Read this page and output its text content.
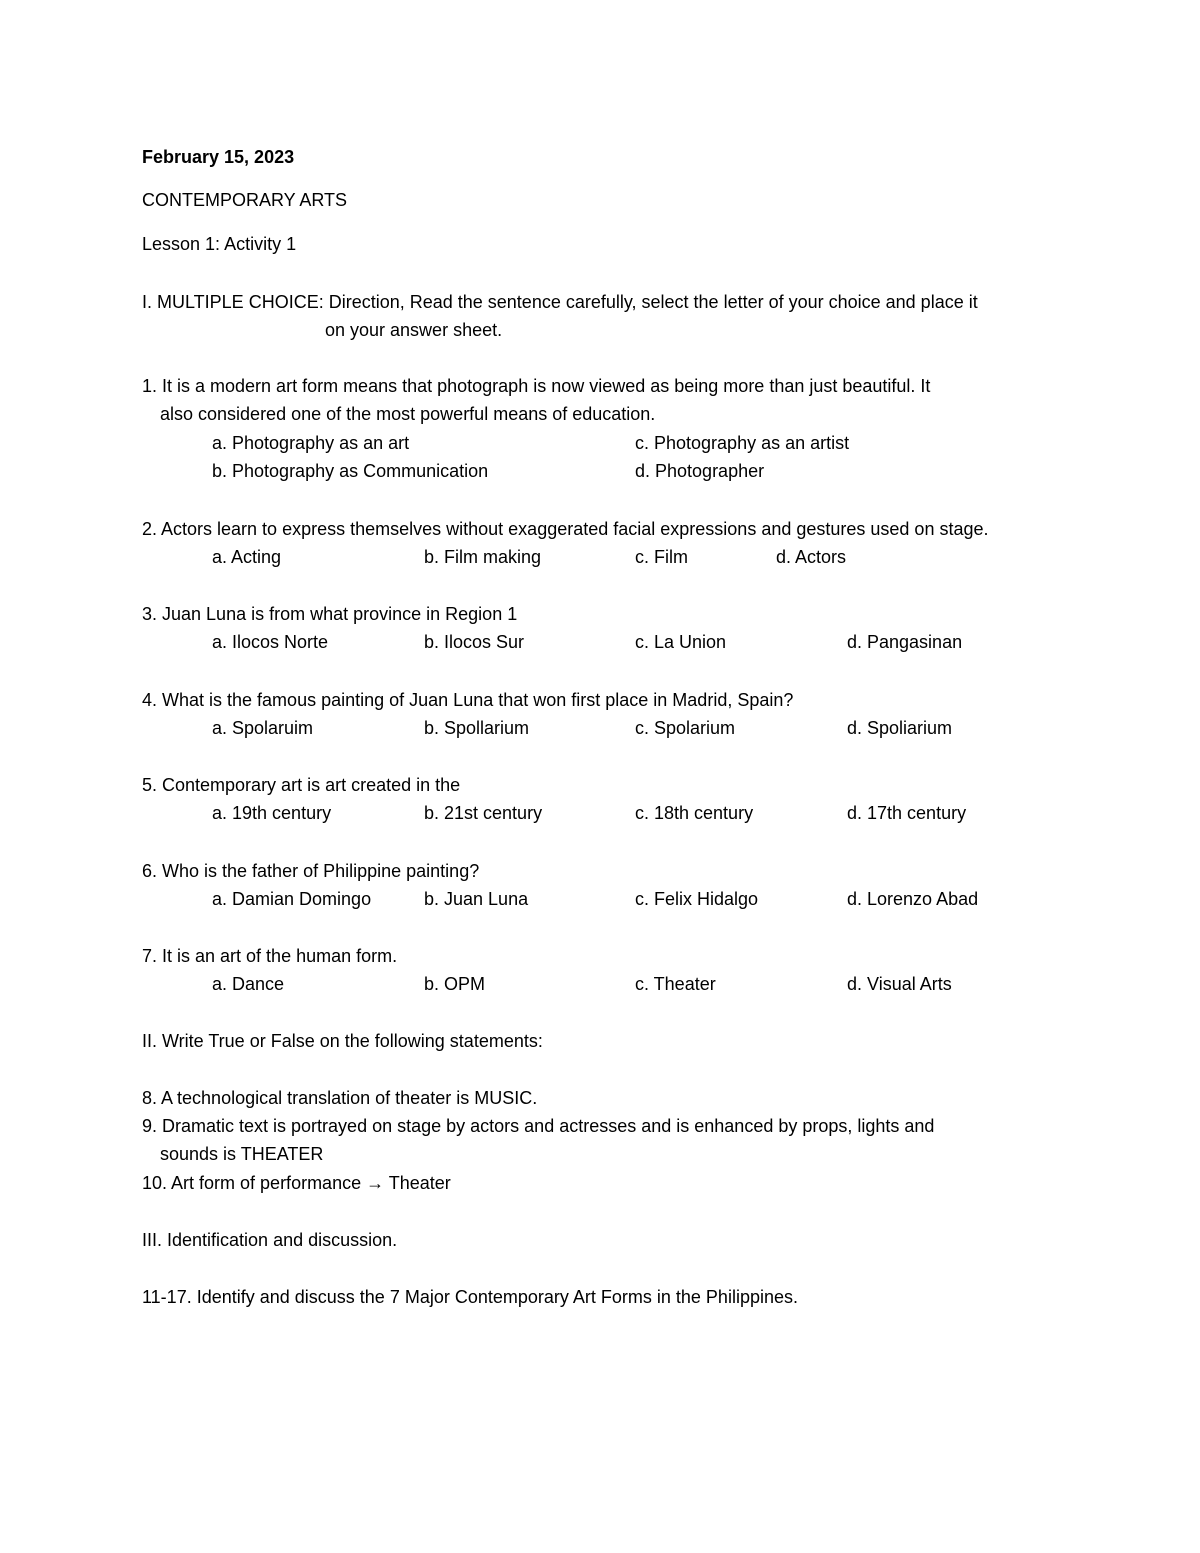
February 15, 2023
CONTEMPORARY ARTS
Lesson 1: Activity 1
I. MULTIPLE CHOICE: Direction, Read the sentence carefully, select the letter of your choice and place it
on your answer sheet.
1. It is a modern art form means that photograph is now viewed as being more than just beautiful. It
also considered one of the most powerful means of education.
a. Photography as an art	c. Photography as an artist
b. Photography as Communication	d. Photographer
2. Actors learn to express themselves without exaggerated facial expressions and gestures used on stage.
a. Acting	b. Film making	c. Film	d. Actors
3. Juan Luna is from what province in Region 1
a. Ilocos Norte	b. Ilocos Sur	c. La Union	d. Pangasinan
4. What is the famous painting of Juan Luna that won first place in Madrid, Spain?
a. Spolaruim	b. Spollarium	c. Spolarium	d. Spoliarium
5. Contemporary art is art created in the
a. 19th century	b. 21st century	c. 18th century	d. 17th century
6. Who is the father of Philippine painting?
a. Damian Domingo	b. Juan Luna	c. Felix Hidalgo	d. Lorenzo Abad
7. It is an art of the human form.
a. Dance	b. OPM	c. Theater	d. Visual Arts
II. Write True or False on the following statements:
8. A technological translation of theater is MUSIC.
9. Dramatic text is portrayed on stage by actors and actresses and is enhanced by props, lights and
sounds is THEATER
10. Art form of performance → Theater
III. Identification and discussion.
11-17. Identify and discuss the 7 Major Contemporary Art Forms in the Philippines.
